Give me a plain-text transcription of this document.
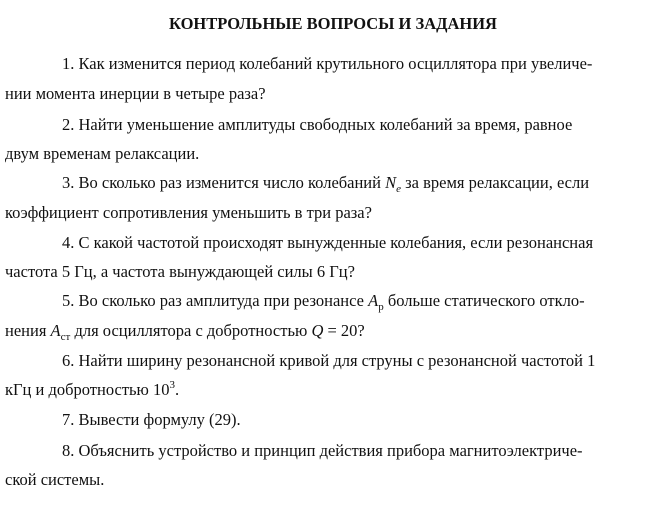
КОНТРОЛЬНЫЕ ВОПРОСЫ И ЗАДАНИЯ
1. Как изменится период колебаний крутильного осциллятора при увеличе-
нии момента инерции в четыре раза?
2. Найти уменьшение амплитуды свободных колебаний за время, равное
двум временам релаксации.
3. Во сколько раз изменится число колебаний $N_e$ за время релаксации, если
коэффициент сопротивления уменьшить в три раза?
4. С какой частотой происходят вынужденные колебания, если резонансная
частота 5 Гц, а частота вынуждающей силы 6 Гц?
5. Во сколько раз амплитуда при резонансе $A_р$ больше статического откло-
нения $A_{ст}$ для осциллятора с добротностью Q = 20?
6. Найти ширину резонансной кривой для струны с резонансной частотой 1
кГц и добротностью $10^3$.
7. Вывести формулу (29).
8. Объяснить устройство и принцип действия прибора магнитоэлектриче-
ской системы.
